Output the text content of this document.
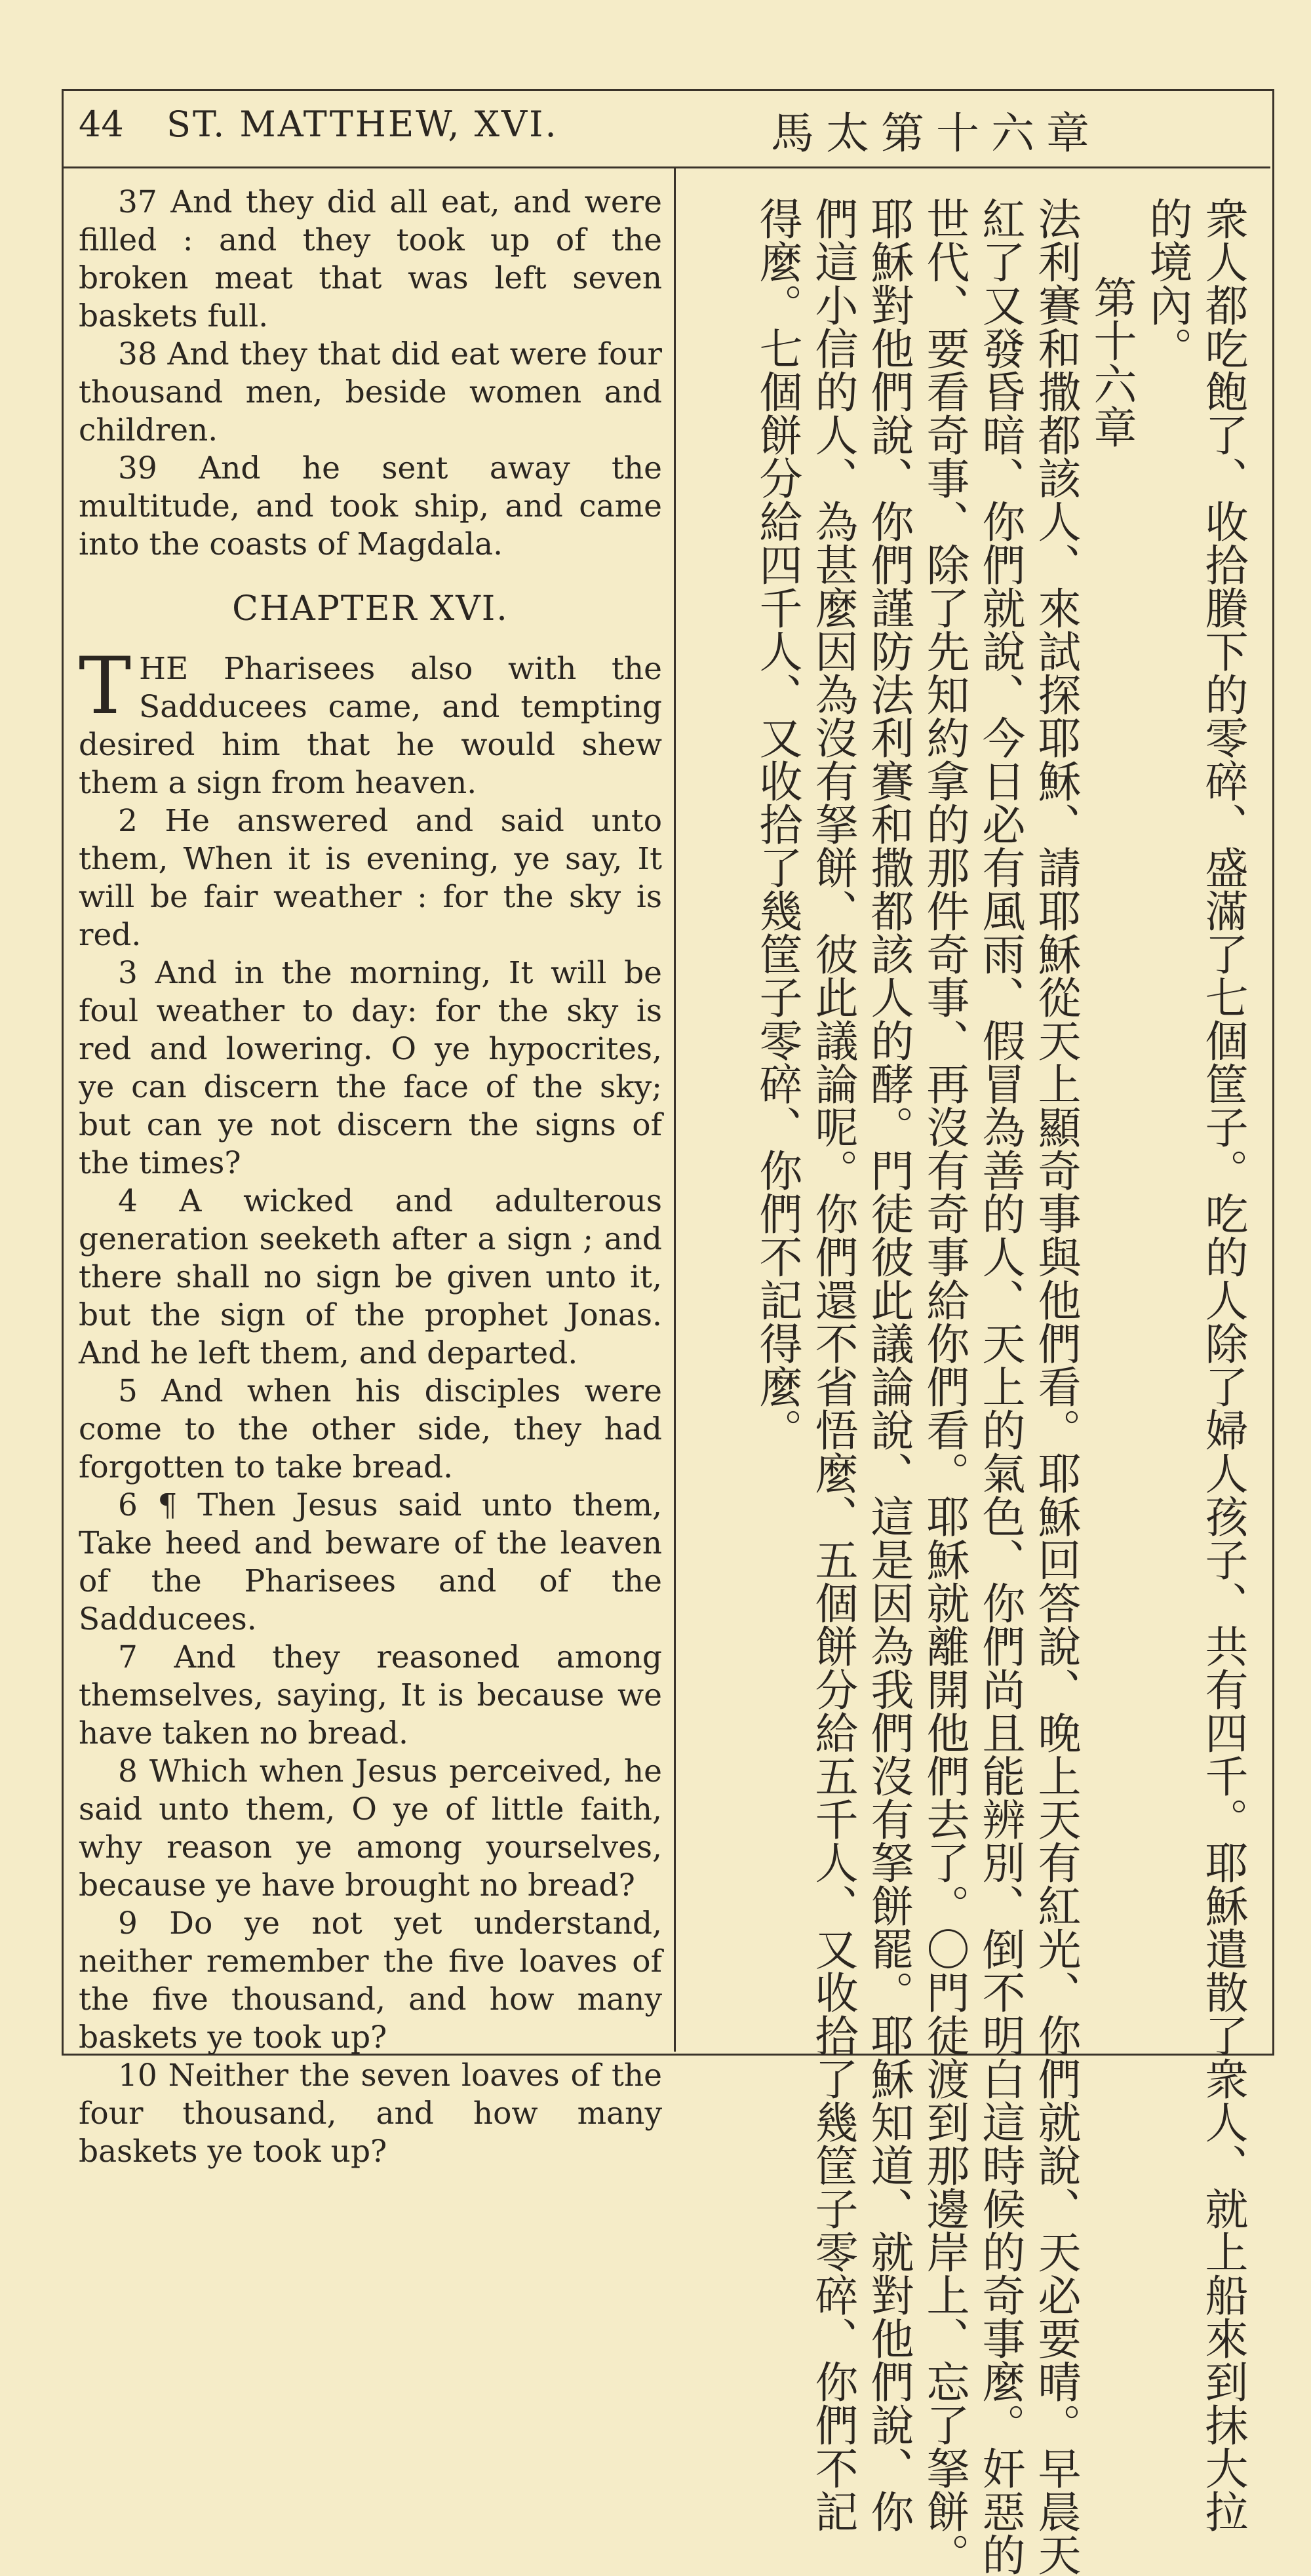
44 ST. MATTHEW, XVI.	馬太第十六章

37 And they did all eat, and were filled : and they took up of the broken meat that was left seven baskets full.

38 And they that did eat were four thousand men, beside women and children.

39 And he sent away the multitude, and took ship, and came into the coasts of Magdala.

CHAPTER XVI.

THE Pharisees also with the Sadducees came, and tempting desired him that he would shew them a sign from heaven.

2 He answered and said unto them, When it is evening, ye say, It will be fair weather : for the sky is red.

3 And in the morning, It will be foul weather to day: for the sky is red and lowering. O ye hypocrites, ye can discern the face of the sky; but can ye not discern the signs of the times?

4 A wicked and adulterous generation seeketh after a sign ; and there shall no sign be given unto it, but the sign of the prophet Jonas. And he left them, and departed.

5 And when his disciples were come to the other side, they had forgotten to take bread.

6 ¶ Then Jesus said unto them, Take heed and beware of the leaven of the Pharisees and of the Sadducees.

7 And they reasoned among themselves, saying, It is because we have taken no bread.

8 Which when Jesus perceived, he said unto them, O ye of little faith, why reason ye among yourselves, because ye have brought no bread?

9 Do ye not yet understand, neither remember the five loaves of the five thousand, and how many baskets ye took up?

10 Neither the seven loaves of the four thousand, and how many baskets ye took up?	衆人都吃飽了、收拾賸下的零碎、盛滿了七個筐子。吃的人除了婦人孩子、共有四千。耶穌遣散了衆人、就上船來到抹大拉
的境內。
第十六章
法利賽和撒都該人、來試探耶穌、請耶穌從天上顯奇事與他們看。耶穌回答說、晚上天有紅光、你們就說、天必要晴。早晨天
紅了又發昏暗、你們就說、今日必有風雨、假冒為善的人、天上的氣色、你們尚且能辨別、倒不明白這時候的奇事麼。奸惡的
世代、要看奇事、除了先知約拿的那件奇事、再沒有奇事給你們看。耶穌就離開他們去了。〇門徒渡到那邊岸上、忘了拏餅。
耶穌對他們說、你們謹防法利賽和撒都該人的酵。門徒彼此議論說、這是因為我們沒有拏餅罷。耶穌知道、就對他們說、你
們這小信的人、為甚麼因為沒有拏餅、彼此議論呢。你們還不省悟麼、五個餅分給五千人、又收拾了幾筐子零碎、你們不記
得麼。七個餅分給四千人、又收拾了幾筐子零碎、你們不記得麼。
